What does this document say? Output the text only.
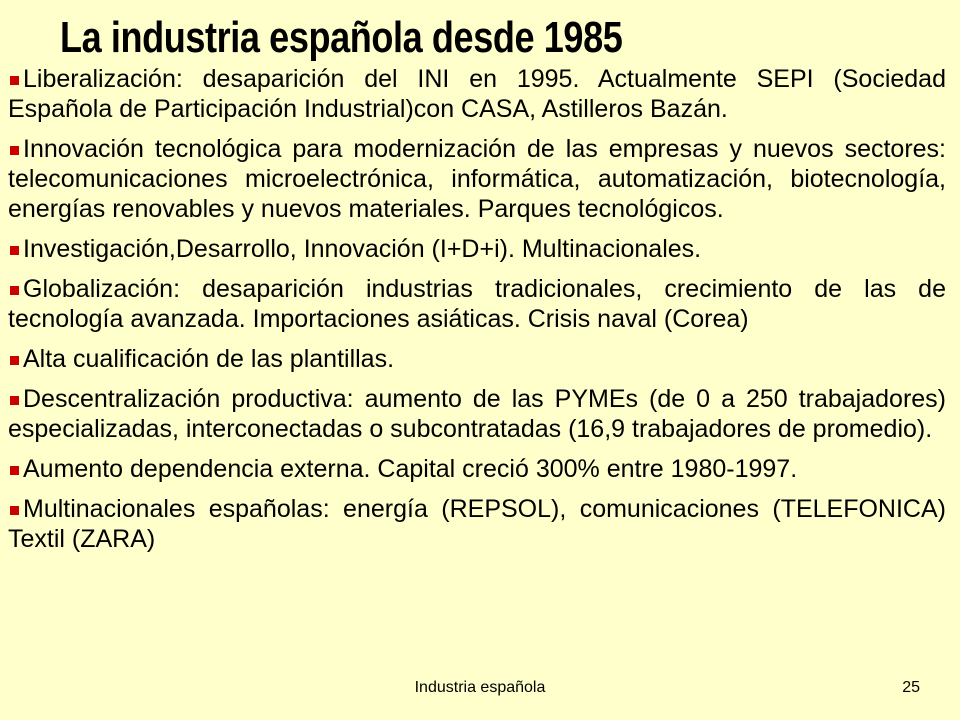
La industria española desde 1985
Liberalización: desaparición del INI en 1995. Actualmente SEPI (Sociedad Española de Participación Industrial)con CASA, Astilleros Bazán.
Innovación tecnológica para modernización de las empresas y nuevos sectores: telecomunicaciones microelectrónica, informática, automatización, biotecnología, energías renovables y nuevos materiales. Parques tecnológicos.
Investigación,Desarrollo, Innovación (I+D+i). Multinacionales.
Globalización: desaparición industrias tradicionales, crecimiento de las de tecnología avanzada. Importaciones asiáticas. Crisis naval (Corea)
Alta cualificación de las plantillas.
Descentralización productiva: aumento de las PYMEs (de 0 a 250 trabajadores) especializadas, interconectadas o subcontratadas (16,9 trabajadores de promedio).
Aumento dependencia externa. Capital creció 300% entre 1980-1997.
Multinacionales españolas: energía (REPSOL), comunicaciones (TELEFONICA) Textil (ZARA)
Industria española	25
